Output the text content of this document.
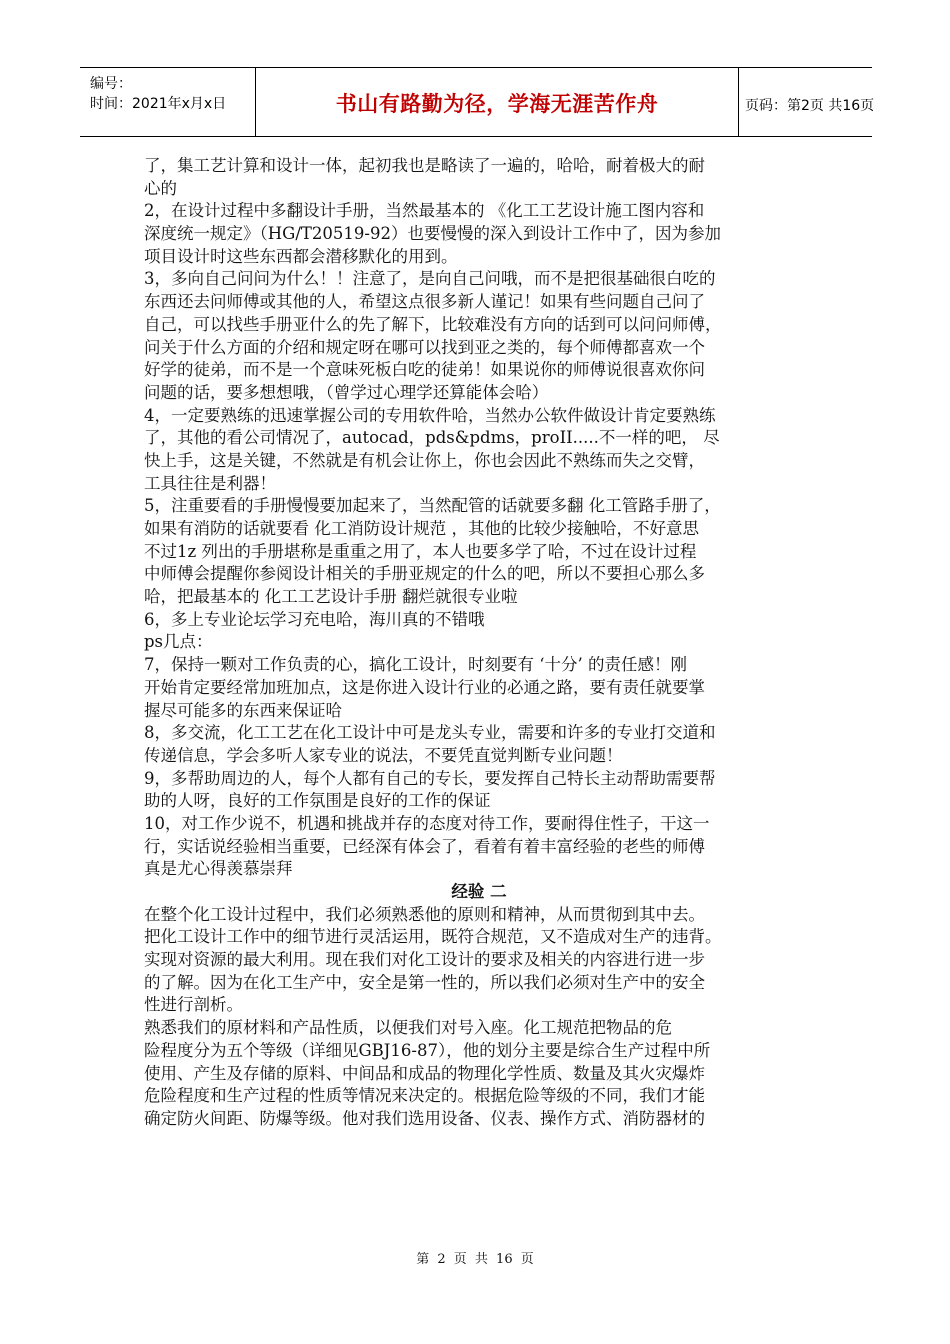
编号：
时间：2021年x月x日	书山有路勤为径，学海无涯苦作舟	页码：第2页 共16页
了，集工艺计算和设计一体，起初我也是略读了一遍的，哈哈，耐着极大的耐
心的
2，在设计过程中多翻设计手册，当然最基本的 《化工工艺设计施工图内容和
深度统一规定》（HG/T20519-92）也要慢慢的深入到设计工作中了，因为参加
项目设计时这些东西都会潜移默化的用到。
3，多向自己问问为什么！！注意了，是向自己问哦，而不是把很基础很白吃的
东西还去问师傅或其他的人，希望这点很多新人谨记！如果有些问题自己问了
自己，可以找些手册亚什么的先了解下，比较难没有方向的话到可以问问师傅，
问关于什么方面的介绍和规定呀在哪可以找到亚之类的，每个师傅都喜欢一个
好学的徒弟，而不是一个意味死板白吃的徒弟！如果说你的师傅说很喜欢你问
问题的话，要多想想哦，（曾学过心理学还算能体会哈）
4，一定要熟练的迅速掌握公司的专用软件哈，当然办公软件做设计肯定要熟练
了，其他的看公司情况了，autocad，pds&pdms，proII.....不一样的吧， 尽
快上手，这是关键，不然就是有机会让你上，你也会因此不熟练而失之交臂，
工具往往是利器！
5，注重要看的手册慢慢要加起来了，当然配管的话就要多翻 化工管路手册了，
如果有消防的话就要看 化工消防设计规范 ，其他的比较少接触哈，不好意思
不过1z 列出的手册堪称是重重之用了，本人也要多学了哈，不过在设计过程
中师傅会提醒你参阅设计相关的手册亚规定的什么的吧，所以不要担心那么多
哈，把最基本的 化工工艺设计手册 翻烂就很专业啦
6，多上专业论坛学习充电哈，海川真的不错哦
ps几点：
7，保持一颗对工作负责的心，搞化工设计，时刻要有 ‘十分’ 的责任感！刚
开始肯定要经常加班加点，这是你进入设计行业的必通之路，要有责任就要掌
握尽可能多的东西来保证哈
8，多交流，化工工艺在化工设计中可是龙头专业，需要和许多的专业打交道和
传递信息，学会多听人家专业的说法，不要凭直觉判断专业问题！
9，多帮助周边的人，每个人都有自己的专长，要发挥自己特长主动帮助需要帮
助的人呀，良好的工作氛围是良好的工作的保证
10，对工作少说不，机遇和挑战并存的态度对待工作，要耐得住性子，干这一
行，实话说经验相当重要，已经深有体会了，看着有着丰富经验的老些的师傅
真是尤心得羡慕崇拜
经验 二
在整个化工设计过程中，我们必须熟悉他的原则和精神，从而贯彻到其中去。
把化工设计工作中的细节进行灵活运用，既符合规范，又不造成对生产的违背。
实现对资源的最大利用。现在我们对化工设计的要求及相关的内容进行进一步
的了解。因为在化工生产中，安全是第一性的，所以我们必须对生产中的安全
性进行剖析。
熟悉我们的原材料和产品性质，以便我们对号入座。化工规范把物品的危
险程度分为五个等级（详细见GBJ16-87），他的划分主要是综合生产过程中所
使用、产生及存储的原料、中间品和成品的物理化学性质、数量及其火灾爆炸
危险程度和生产过程的性质等情况来决定的。根据危险等级的不同，我们才能
确定防火间距、防爆等级。他对我们选用设备、仪表、操作方式、消防器材的
第 2 页 共 16 页
